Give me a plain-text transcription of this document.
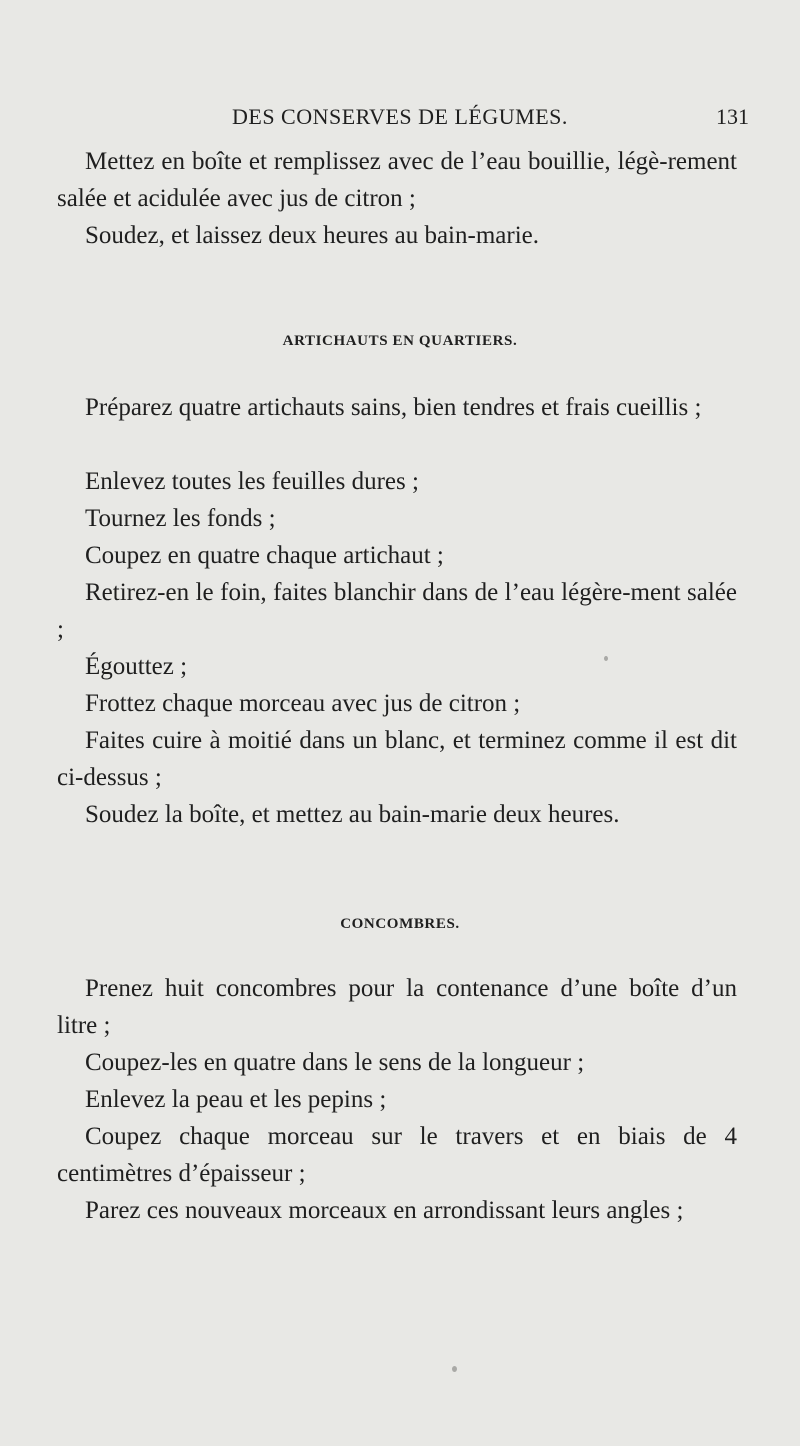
DES CONSERVES DE LÉGUMES.	131

Mettez en boîte et remplissez avec de l’eau bouillie, légè-rement salée et acidulée avec jus de citron ;

Soudez, et laissez deux heures au bain-marie.

ARTICHAUTS EN QUARTIERS.

Préparez quatre artichauts sains, bien tendres et frais cueillis ;

Enlevez toutes les feuilles dures ;

Tournez les fonds ;

Coupez en quatre chaque artichaut ;

Retirez-en le foin, faites blanchir dans de l’eau légère-ment salée ;

Égouttez ;

Frottez chaque morceau avec jus de citron ;

Faites cuire à moitié dans un blanc, et terminez comme il est dit ci-dessus ;

Soudez la boîte, et mettez au bain-marie deux heures.

CONCOMBRES.

Prenez huit concombres pour la contenance d’une boîte d’un litre ;

Coupez-les en quatre dans le sens de la longueur ;

Enlevez la peau et les pepins ;

Coupez chaque morceau sur le travers et en biais de 4 centimètres d’épaisseur ;

Parez ces nouveaux morceaux en arrondissant leurs angles ;
